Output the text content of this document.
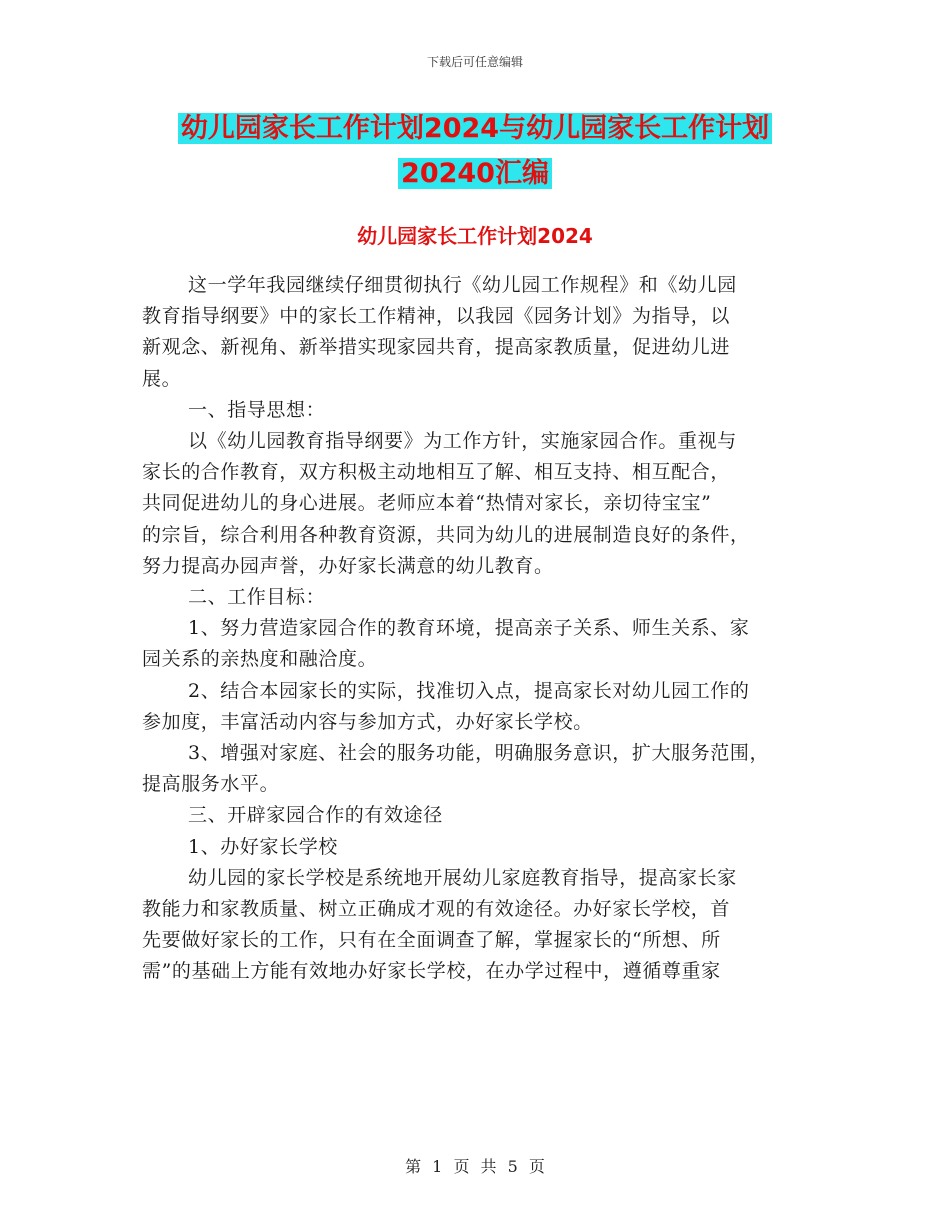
下载后可任意编辑
幼儿园家长工作计划2024与幼儿园家长工作计划
20240汇编
幼儿园家长工作计划2024

这一学年我园继续仔细贯彻执行《幼儿园工作规程》和《幼儿园

教育指导纲要》中的家长工作精神，以我园《园务计划》为指导，以

新观念、新视角、新举措实现家园共育，提高家教质量，促进幼儿进

展。

一、指导思想：

以《幼儿园教育指导纲要》为工作方针，实施家园合作。重视与

家长的合作教育，双方积极主动地相互了解、相互支持、相互配合，

共同促进幼儿的身心进展。老师应本着“热情对家长，亲切待宝宝”

的宗旨，综合利用各种教育资源，共同为幼儿的进展制造良好的条件，

努力提高办园声誉，办好家长满意的幼儿教育。

二、工作目标：

1、努力营造家园合作的教育环境，提高亲子关系、师生关系、家

园关系的亲热度和融洽度。

2、结合本园家长的实际，找准切入点，提高家长对幼儿园工作的

参加度，丰富活动内容与参加方式，办好家长学校。

3、增强对家庭、社会的服务功能，明确服务意识，扩大服务范围，

提高服务水平。

三、开辟家园合作的有效途径

1、办好家长学校

幼儿园的家长学校是系统地开展幼儿家庭教育指导，提高家长家

教能力和家教质量、树立正确成才观的有效途径。办好家长学校，首

先要做好家长的工作，只有在全面调查了解，掌握家长的“所想、所

需”的基础上方能有效地办好家长学校，在办学过程中，遵循尊重家

第 1 页 共 5 页
